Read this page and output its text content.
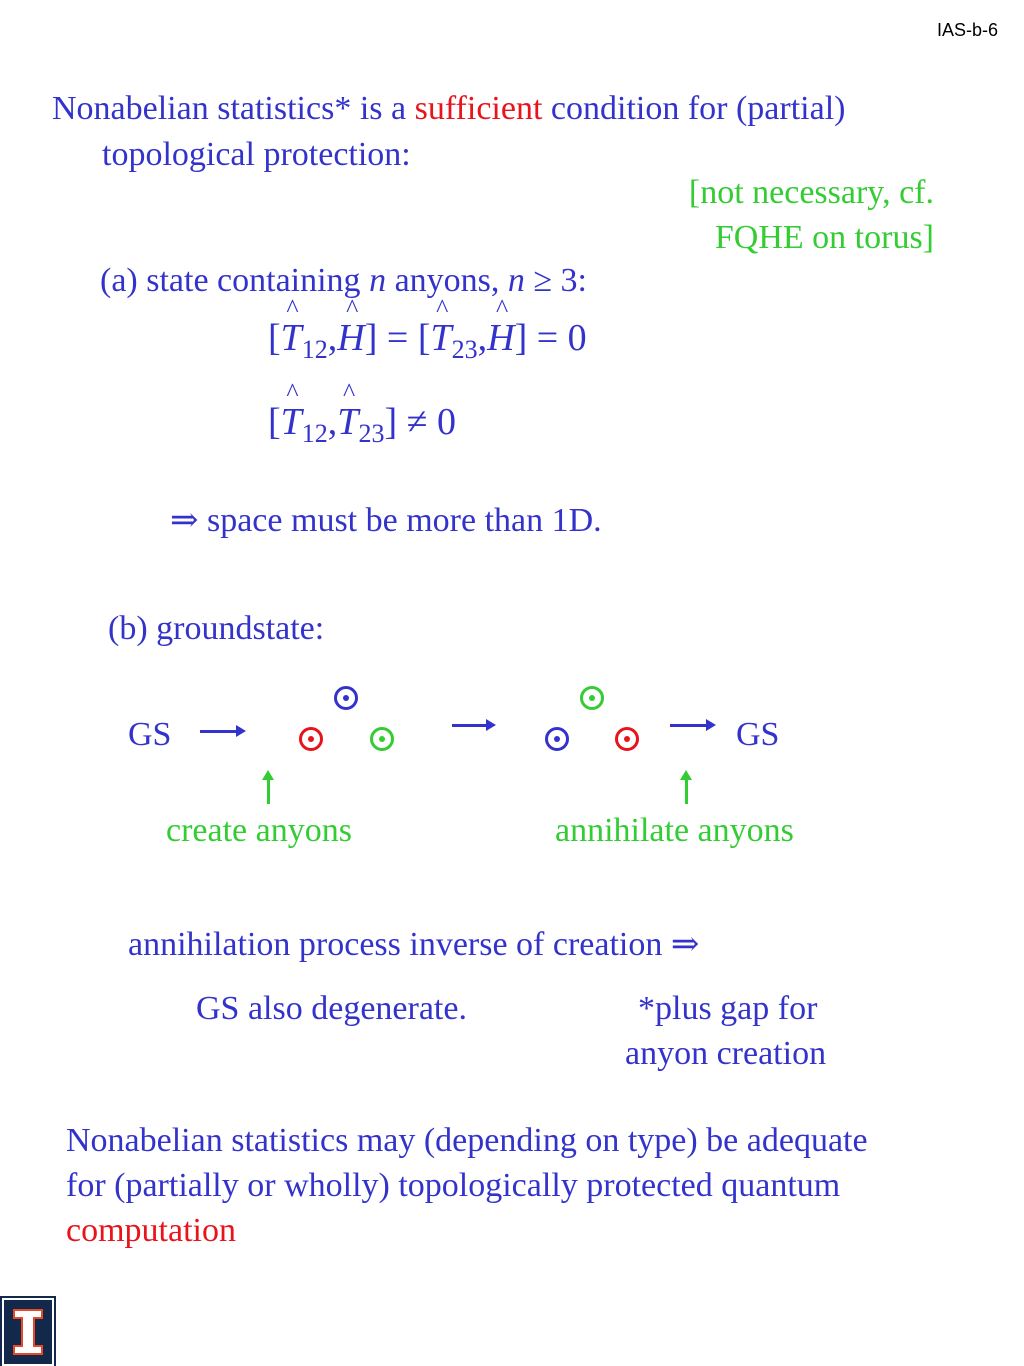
IAS-b-6
Nonabelian statistics* is a sufficient condition for (partial)
topological protection:
[not necessary, cf.
FQHE on torus]
(a) state containing n anyons, n ≥ 3:
[^ $T_{12},\^{}$ H] = [^ $T_{23},\^{}$ H] = 0
[^ $T_{12},\^{}$ $T_{23}] \ne 0$
⇒ space must be more than 1D.
(b) groundstate:
GS	GS
create anyons	annihilate anyons
annihilation process inverse of creation ⇒
GS also degenerate.	*plus gap for
anyon creation
Nonabelian statistics may (depending on type) be adequate
for (partially or wholly) topologically protected quantum
computation
